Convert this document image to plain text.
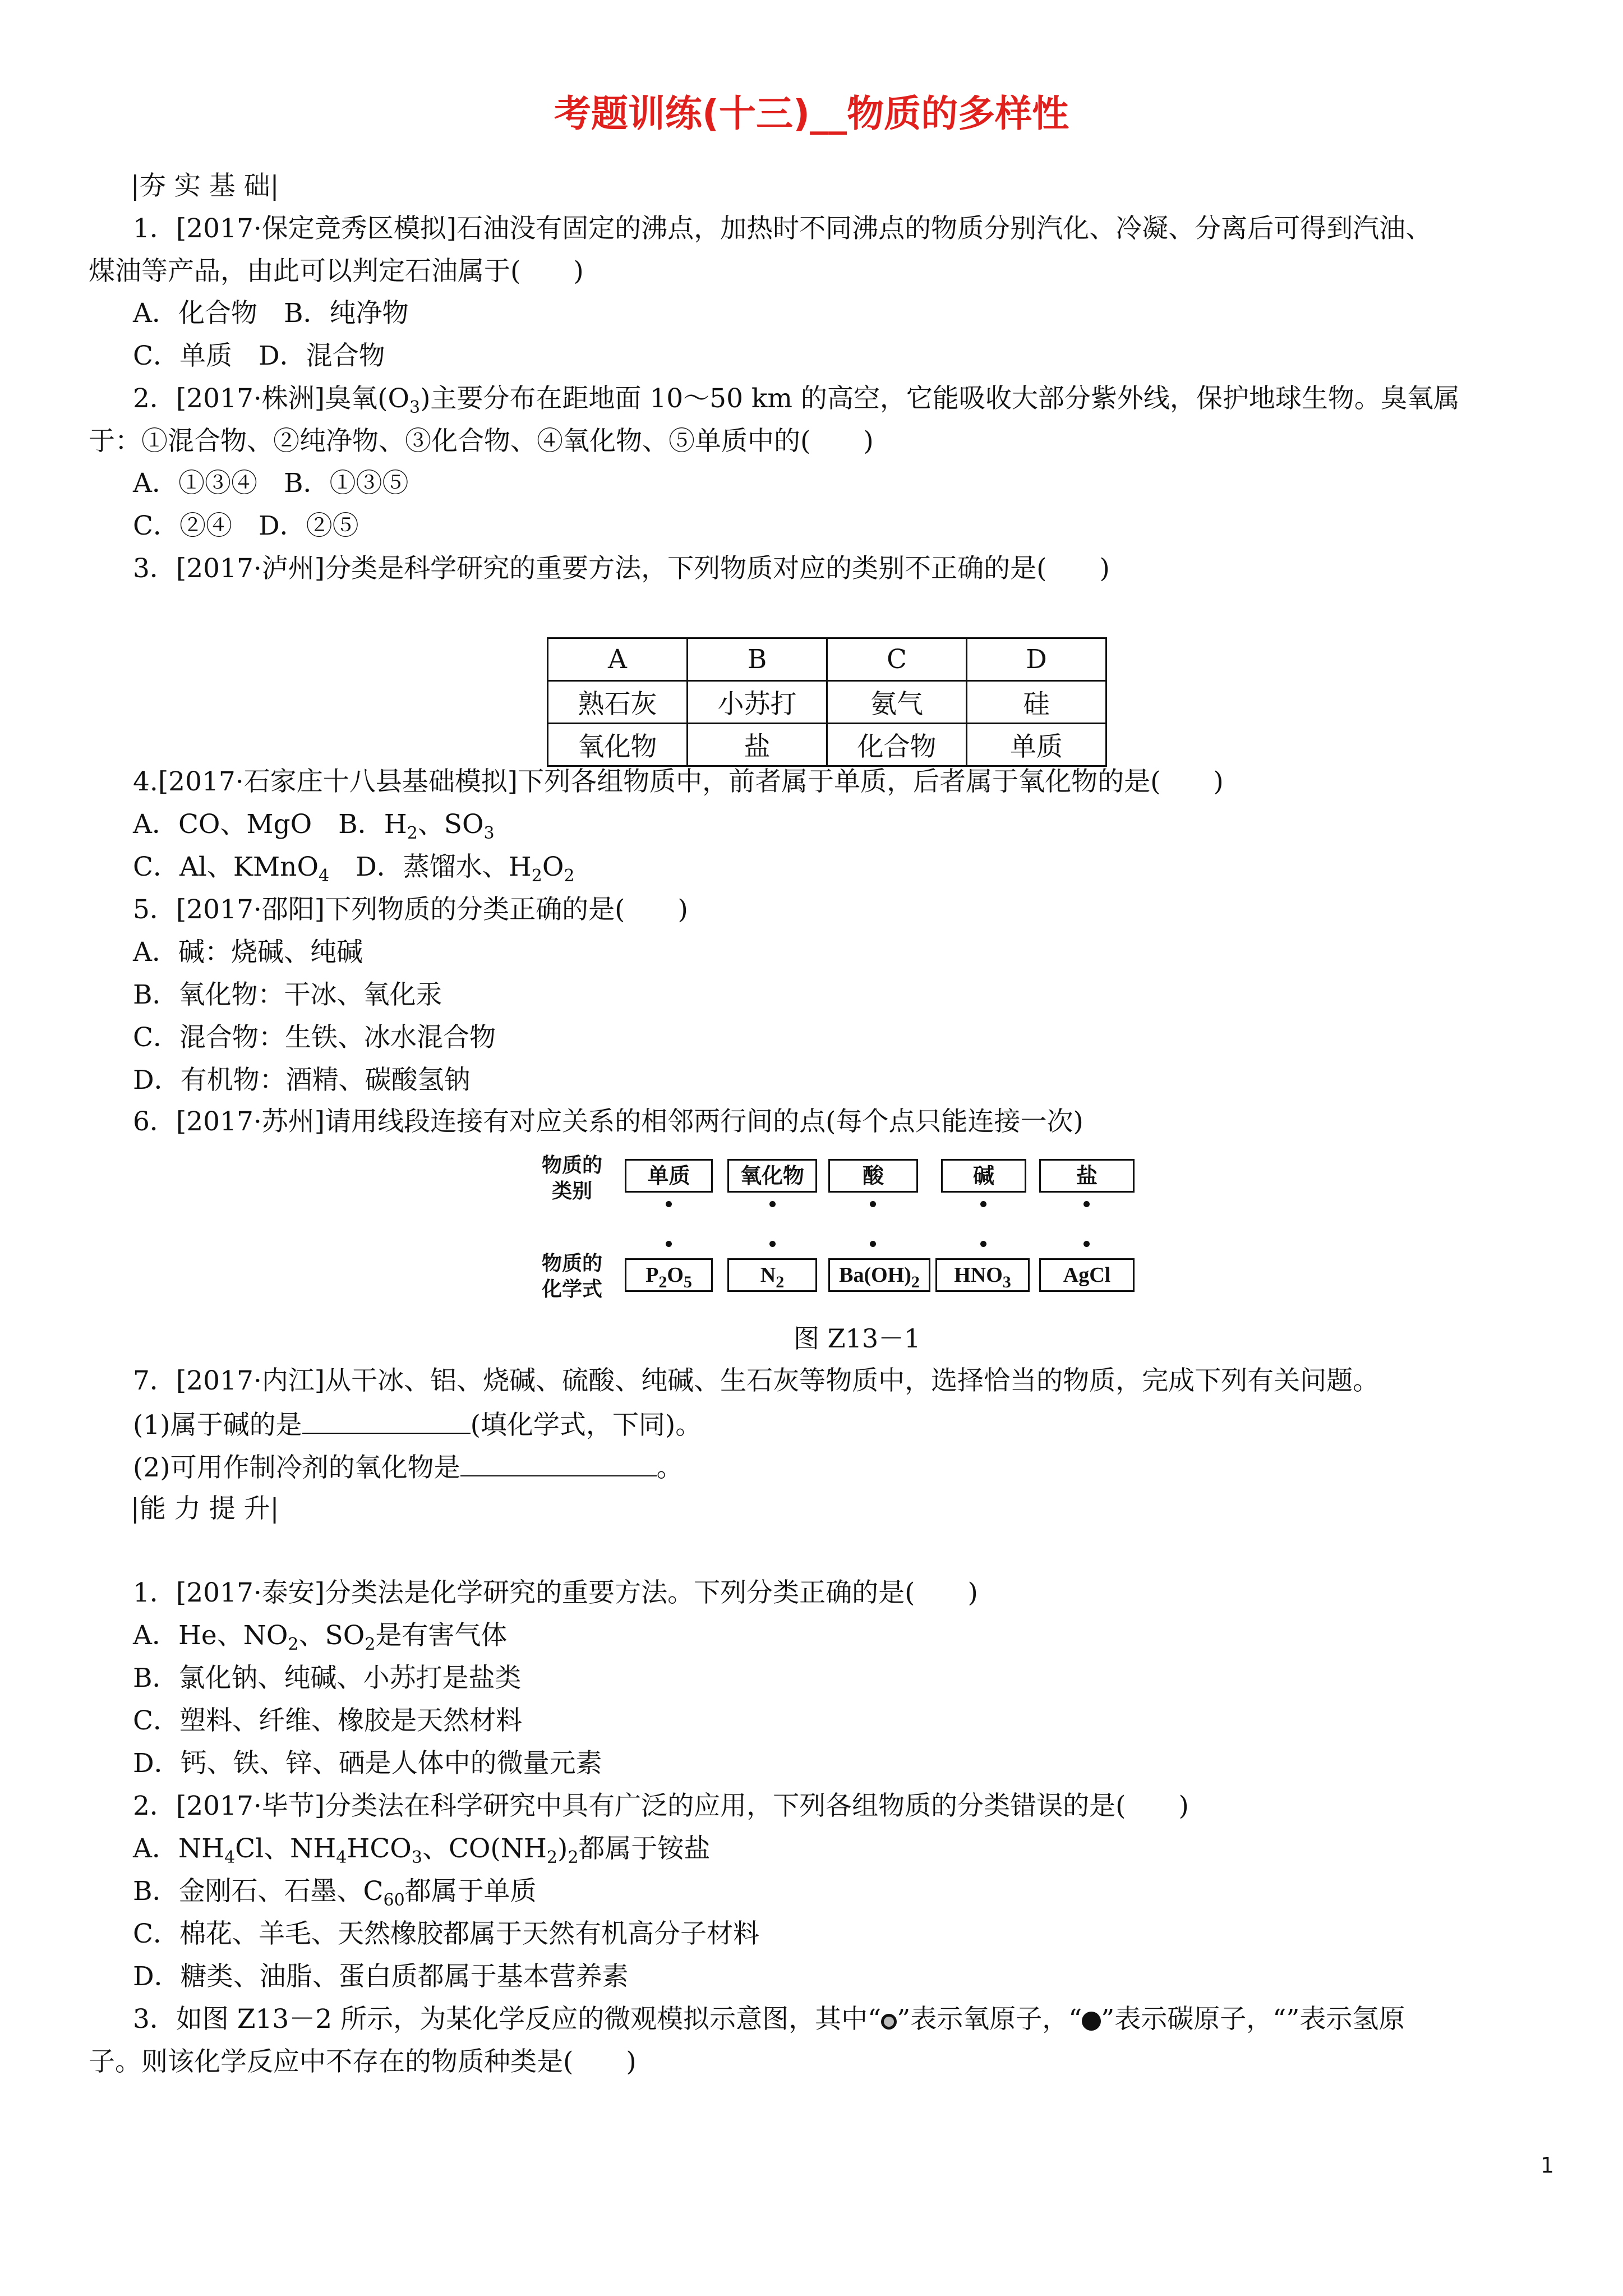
考题训练(十三)__物质的多样性
|夯 实 基 础|
1．[2017·保定竞秀区模拟]石油没有固定的沸点，加热时不同沸点的物质分别汽化、冷凝、分离后可得到汽油、
煤油等产品，由此可以判定石油属于(　　)
A．化合物　B．纯净物
C．单质　D．混合物
2．[2017·株洲]臭氧$(O_3)$主要分布在距地面 10～50 km 的高空，它能吸收大部分紫外线，保护地球生物。臭氧属
于：①混合物、②纯净物、③化合物、④氧化物、⑤单质中的(　　)
A．①③④　B．①③⑤
C．②④　D．②⑤
3．[2017·泸州]分类是科学研究的重要方法，下列物质对应的类别不正确的是(　　)
A	B	C	D
熟石灰	小苏打	氨气	硅
氧化物	盐	化合物	单质
4.[2017·石家庄十八县基础模拟]下列各组物质中，前者属于单质，后者属于氧化物的是(　　)
A．CO、MgO　B．$H_2$、$SO_3$
C．Al、KMnO$_4$　D．蒸馏水、$H_2O_2$
5．[2017·邵阳]下列物质的分类正确的是(　　)
A．碱：烧碱、纯碱
B．氧化物：干冰、氧化汞
C．混合物：生铁、冰水混合物
D．有机物：酒精、碳酸氢钠
6．[2017·苏州]请用线段连接有对应关系的相邻两行间的点(每个点只能连接一次)
物质的
类别
物质的
化学式
单质	氧化物	酸	碱	盐
$P_2O_5$	$N_2$	$Ba(OH)_2$	$HNO_3$	AgCl
图 Z13－1
7．[2017·内江]从干冰、铝、烧碱、硫酸、纯碱、生石灰等物质中，选择恰当的物质，完成下列有关问题。
(1)属于碱的是	(填化学式，下同)。
(2)可用作制冷剂的氧化物是	。
|能 力 提 升|
1．[2017·泰安]分类法是化学研究的重要方法。下列分类正确的是(　　)
A．He、$NO_2$、$SO_2$是有害气体
B．氯化钠、纯碱、小苏打是盐类
C．塑料、纤维、橡胶是天然材料
D．钙、铁、锌、硒是人体中的微量元素
2．[2017·毕节]分类法在科学研究中具有广泛的应用，下列各组物质的分类错误的是(　　)
A．$NH_4Cl$、$NH_4HCO_3$、$CO(NH_2)_2$都属于铵盐
B．金刚石、石墨、$C_{60}$都属于单质
C．棉花、羊毛、天然橡胶都属于天然有机高分子材料
D．糖类、油脂、蛋白质都属于基本营养素
3．如图 Z13－2 所示，为某化学反应的微观模拟示意图，其中“ ”表示氧原子，“ ”表示碳原子，“”表示氢原
子。则该化学反应中不存在的物质种类是(　　)
1
